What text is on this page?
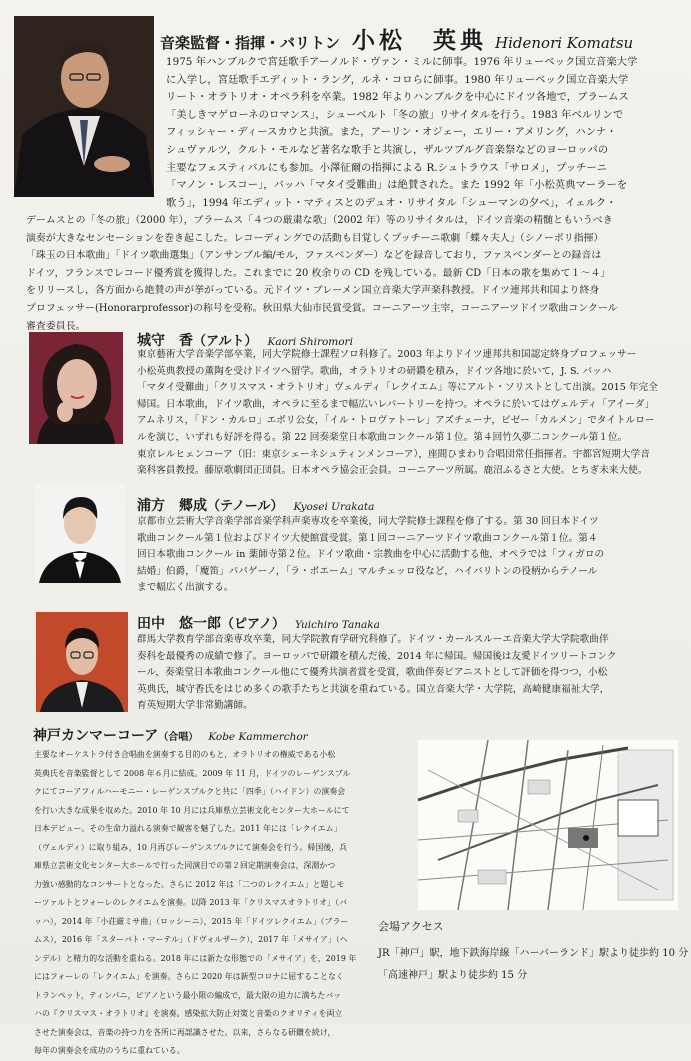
音楽監督・指揮・バリトン 小松　英典 Hidenori Komatsu

1975 年ハンブルクで宮廷歌手アーノルド・ヴァン・ミルに師事。1976 年リューベック国立音楽大学
に入学し，宮廷歌手エディット・ラング，ルネ・コロらに師事。1980 年リューベック国立音楽大学
リート・オラトリオ・オペラ科を卒業。1982 年よりハンブルクを中心にドイツ各地で，ブラームス
「美しきマゲローネのロマンス」，シューベルト「冬の旅」リサイタルを行う。1983 年ベルリンで
フィッシャー・ディースカウと共演。また，アーリン・オジェー，エリー・アメリング，ハンナ・
シュヴァルツ，クルト・モルなど著名な歌手と共演し，ザルツブルグ音楽祭などのヨーロッパの
主要なフェスティバルにも参加。小澤征爾の指揮による R.シュトラウス「サロメ」，プッチーニ
「マノン・レスコー」，バッハ「マタイ受難曲」は絶賛された。また 1992 年「小松英典マーラーを
歌う」，1994 年エディット・マティスとのデュオ・リサイタル「シューマンの夕べ」，イェルク・

デームスとの「冬の旅」（2000 年），ブラームス「４つの厳粛な歌」（2002 年）等のリサイタルは，ドイツ音楽の精髄ともいうべき
演奏が大きなセンセーションを巻き起こした。レコーディングでの活動も目覚しくプッチーニ歌劇「蝶々夫人」（シノーポリ指揮）
「珠玉の日本歌曲」「ドイツ歌曲選集」（アンサンブル編/モル，ファスベンダー）などを録音しており，ファスベンダーとの録音は
ドイツ，フランスでレコード優秀賞を獲得した。これまでに 20 枚余りの CD を残している。最新 CD「日本の歌を集めて１～４」
をリリースし，各方面から絶賛の声が挙がっている。元ドイツ・ブレーメン国立音楽大学声楽科教授。ドイツ連邦共和国より終身
プロフェッサー(Honorarprofessor)の称号を受称。秋田県大仙市民賞受賞。コーニアーツ主宰，コーニアーツドイツ歌曲コンクール
審査委員長。

城守　香（アルト） Kaori Shiromori

東京藝術大学音楽学部卒業，同大学院修士課程ソロ科修了。2003 年よりドイツ連邦共和国認定終身プロフェッサー
小松英典教授の薫陶を受けドイツへ留学。歌曲，オラトリオの研鑽を積み，ドイツ各地に於いて，J. S. バッハ
「マタイ受難曲」「クリスマス・オラトリオ」ヴェルディ「レクイエム」等にアルト・ソリストとして出演。2015 年完全
帰国。日本歌曲，ドイツ歌曲，オペラに至るまで幅広いレパートリーを持つ。オペラに於いてはヴェルディ「アイーダ」
アムネリス，「ドン・カルロ」エボリ公女，「イル・トロヴァトーレ」アズチェーナ，ビゼー「カルメン」でタイトルロー
ルを演じ，いずれも好評を得る。第 22 回奏楽堂日本歌曲コンクール第１位。第４回竹久夢二コンクール第１位。
東京レルヒェンコーア（旧：東京シェーネシュティンメンコーア），座間ひまわり合唱団常任指揮者。宇都宮短期大学音
楽科客員教授。藤原歌劇団正団員。日本オペラ協会正会員。コーニアーツ所属。鹿沼ふるさと大使。とちぎ未来大使。

浦方　郷成（テノール） Kyosei Urakata

京都市立芸術大学音楽学部音楽学科声楽専攻を卒業後，同大学院修士課程を修了する。第 30 回日本ドイツ
歌曲コンクール第１位およびドイツ大使館賞受賞。第１回コーニアーツドイツ歌曲コンクール第１位。第４
回日本歌曲コンクール in 薬師寺第２位。ドイツ歌曲・宗教曲を中心に活動する他，オペラでは「フィガロの
結婚」伯爵，「魔笛」パパゲーノ，「ラ・ボエーム」マルチェッロ役など，ハイバリトンの役柄からテノール
まで幅広く出演する。

田中　悠一郎（ピアノ） Yuichiro Tanaka

群馬大学教育学部音楽専攻卒業，同大学院教育学研究科修了。ドイツ・カールスルーエ音楽大学大学院歌曲伴
奏科を最優秀の成績で修了。ヨーロッパで研鑽を積んだ後，2014 年に帰国。帰国後は友愛ドイツリートコンク
ール，奏楽堂日本歌曲コンクール他にて優秀共演者賞を受賞，歌曲伴奏ピアニストとして評価を得つつ，小松
英典氏，城守香氏をはじめ多くの歌手たちと共演を重ねている。国立音楽大学・大学院，高崎健康福祉大学，
育英短期大学非常勤講師。

神戸カンマーコーア（合唱） Kobe Kammerchor

主要なオーケストラ付き合唱曲を演奏する目的のもと，オラトリオの権威である小松
英典氏を音楽監督として 2008 年６月に結成。2009 年 11 月，ドイツのレーゲンスブル
クにてコーアフィルハーモニー・レーゲンスブルクと共に「四季」（ハイドン）の演奏会
を行い大きな成果を収めた。2010 年 10 月には兵庫県立芸術文化センター大ホールにて
日本デビュー。その生命力溢れる演奏で観客を魅了した。2011 年には「レクイエム」
（ヴェルディ）に取り組み，10 月再びレーゲンスブルクにて演奏会を行う。帰国後，兵
庫県立芸術文化センター大ホールで行った同演目での第２回定期演奏会は，深淵かつ
力強い感動的なコンサートとなった。さらに 2012 年は「二つのレクイエム」と題しモ
ーツァルトとフォーレのレクイエムを演奏。以降 2013 年「クリスマスオラトリオ」（バ
ッハ），2014 年「小荘厳ミサ曲」（ロッシーニ），2015 年「ドイツレクイエム」（ブラー
ムス），2016 年「スターバト・マーテル」（ドヴォルザーク），2017 年「メサイア」（ヘ
ンデル）と精力的な活動を重ねる。2018 年には新たな形態での「メサイア」を，2019 年
にはフォーレの「レクイエム」を演奏。さらに 2020 年は新型コロナに屈することなく
トランペット，ティンパニ，ピアノという最小限の編成で，最大限の迫力に満ちたバッ
ハの『クリスマス・オラトリオ』を演奏。感染拡大防止対策と音楽のクオリティを両立
させた演奏会は，音楽の持つ力を各所に再認識させた。以来，さらなる研鑽を続け，
毎年の演奏会を成功のうちに重ねている。

会場アクセス
JR「神戸」駅，地下鉄海岸線「ハーバーランド」駅より徒歩約 10 分
「高速神戸」駅より徒歩約 15 分
